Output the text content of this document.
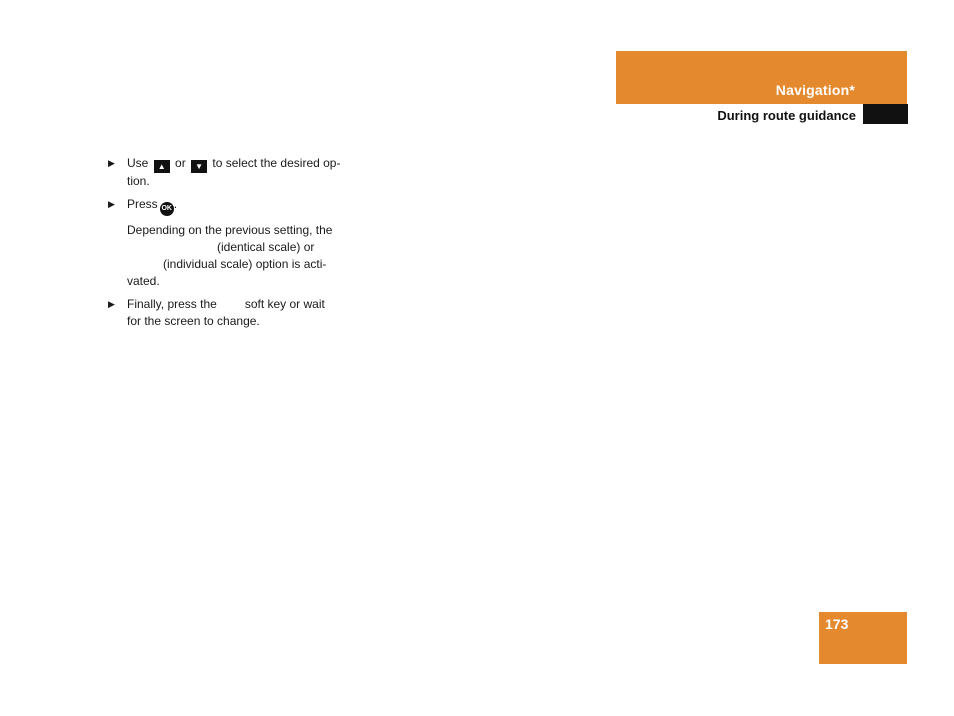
Navigation*
During route guidance
▶ Use ▲ or ▼ to select the desired op-
tion.
▶ Press OK .
Depending on the previous setting, the
(identical scale) or
(individual scale) option is acti-
vated.
▶ Finally, press the soft key or wait
for the screen to change.
173
